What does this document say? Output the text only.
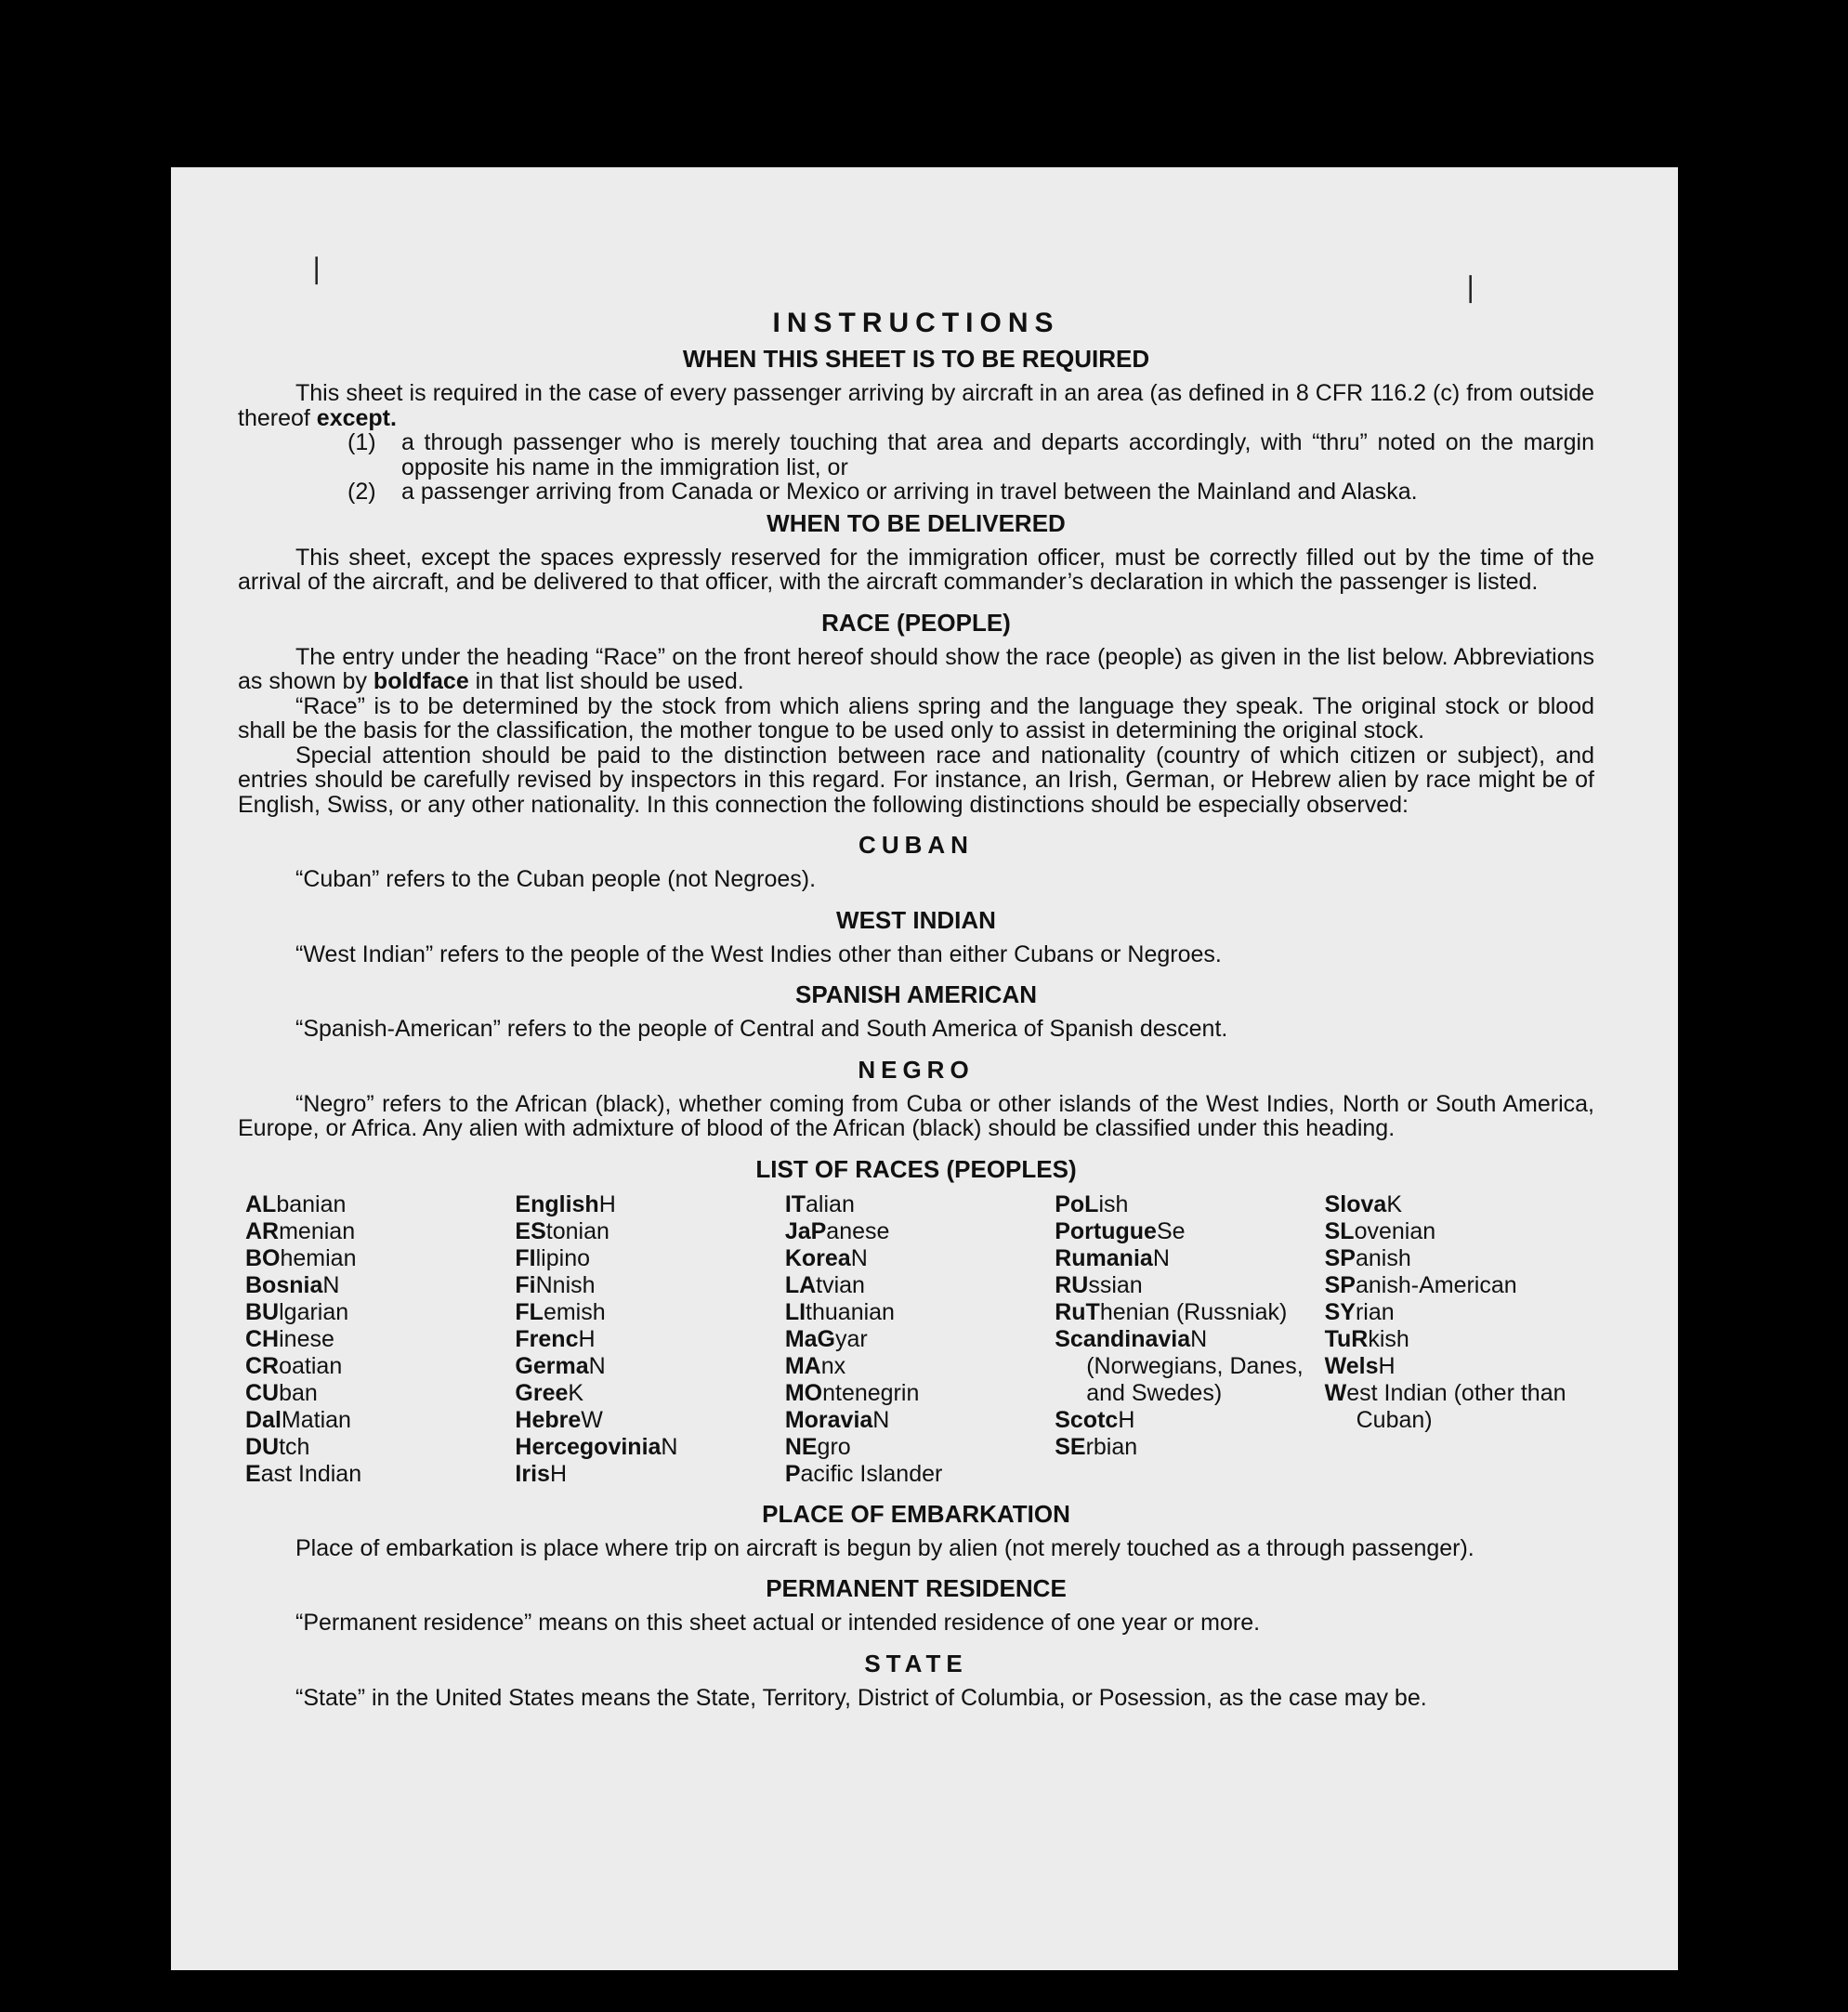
❘
❘
INSTRUCTIONS
WHEN THIS SHEET IS TO BE REQUIRED

This sheet is required in the case of every passenger arriving by aircraft in an area (as defined in 8 CFR 116.2 (c) from outside thereof except.

(1)	a through passenger who is merely touching that area and departs accordingly, with “thru” noted on the margin opposite his name in the immigration list, or
(2)	a passenger arriving from Canada or Mexico or arriving in travel between the Mainland and Alaska.
WHEN TO BE DELIVERED

This sheet, except the spaces expressly reserved for the immigration officer, must be correctly filled out by the time of the arrival of the aircraft, and be delivered to that officer, with the aircraft commander’s declaration in which the passenger is listed.

RACE (PEOPLE)

The entry under the heading “Race” on the front hereof should show the race (people) as given in the list below. Abbreviations as shown by boldface in that list should be used.

“Race” is to be determined by the stock from which aliens spring and the language they speak. The original stock or blood shall be the basis for the classification, the mother tongue to be used only to assist in determining the original stock.

Special attention should be paid to the distinction between race and nationality (country of which citizen or subject), and entries should be carefully revised by inspectors in this regard. For instance, an Irish, German, or Hebrew alien by race might be of English, Swiss, or any other nationality. In this connection the following distinctions should be especially observed:

CUBAN

“Cuban” refers to the Cuban people (not Negroes).

WEST INDIAN

“West Indian” refers to the people of the West Indies other than either Cubans or Negroes.

SPANISH AMERICAN

“Spanish-American” refers to the people of Central and South America of Spanish descent.

NEGRO

“Negro” refers to the African (black), whether coming from Cuba or other islands of the West Indies, North or South America, Europe, or Africa. Any alien with admixture of blood of the African (black) should be classified under this heading.

LIST OF RACES (PEOPLES)
ALbanian
ARmenian
BOhemian
BosniaN
BUlgarian
CHinese
CRoatian
CUban
DalMatian
DUtch
East Indian
EnglishH
EStonian
FIlipino
FiNnish
FLemish
FrencH
GermaN
GreeK
HebreW
HercegoviniaN
IrisH
ITalian
JaPanese
KoreaN
LAtvian
LIthuanian
MaGyar
MAnx
MOntenegrin
MoraviaN
NEgro
Pacific Islander
PoLish
PortugueSe
RumaniaN
RUssian
RuThenian (Russniak)
ScandinaviaN (Norwegians, Danes, and Swedes)
ScotcH
SErbian
SlovaK
SLovenian
SPanish
SPanish-American
SYrian
TuRkish
WelsH
West Indian (other than Cuban)
PLACE OF EMBARKATION

Place of embarkation is place where trip on aircraft is begun by alien (not merely touched as a through passenger).

PERMANENT RESIDENCE

“Permanent residence” means on this sheet actual or intended residence of one year or more.

STATE

“State” in the United States means the State, Territory, District of Columbia, or Posession, as the case may be.
